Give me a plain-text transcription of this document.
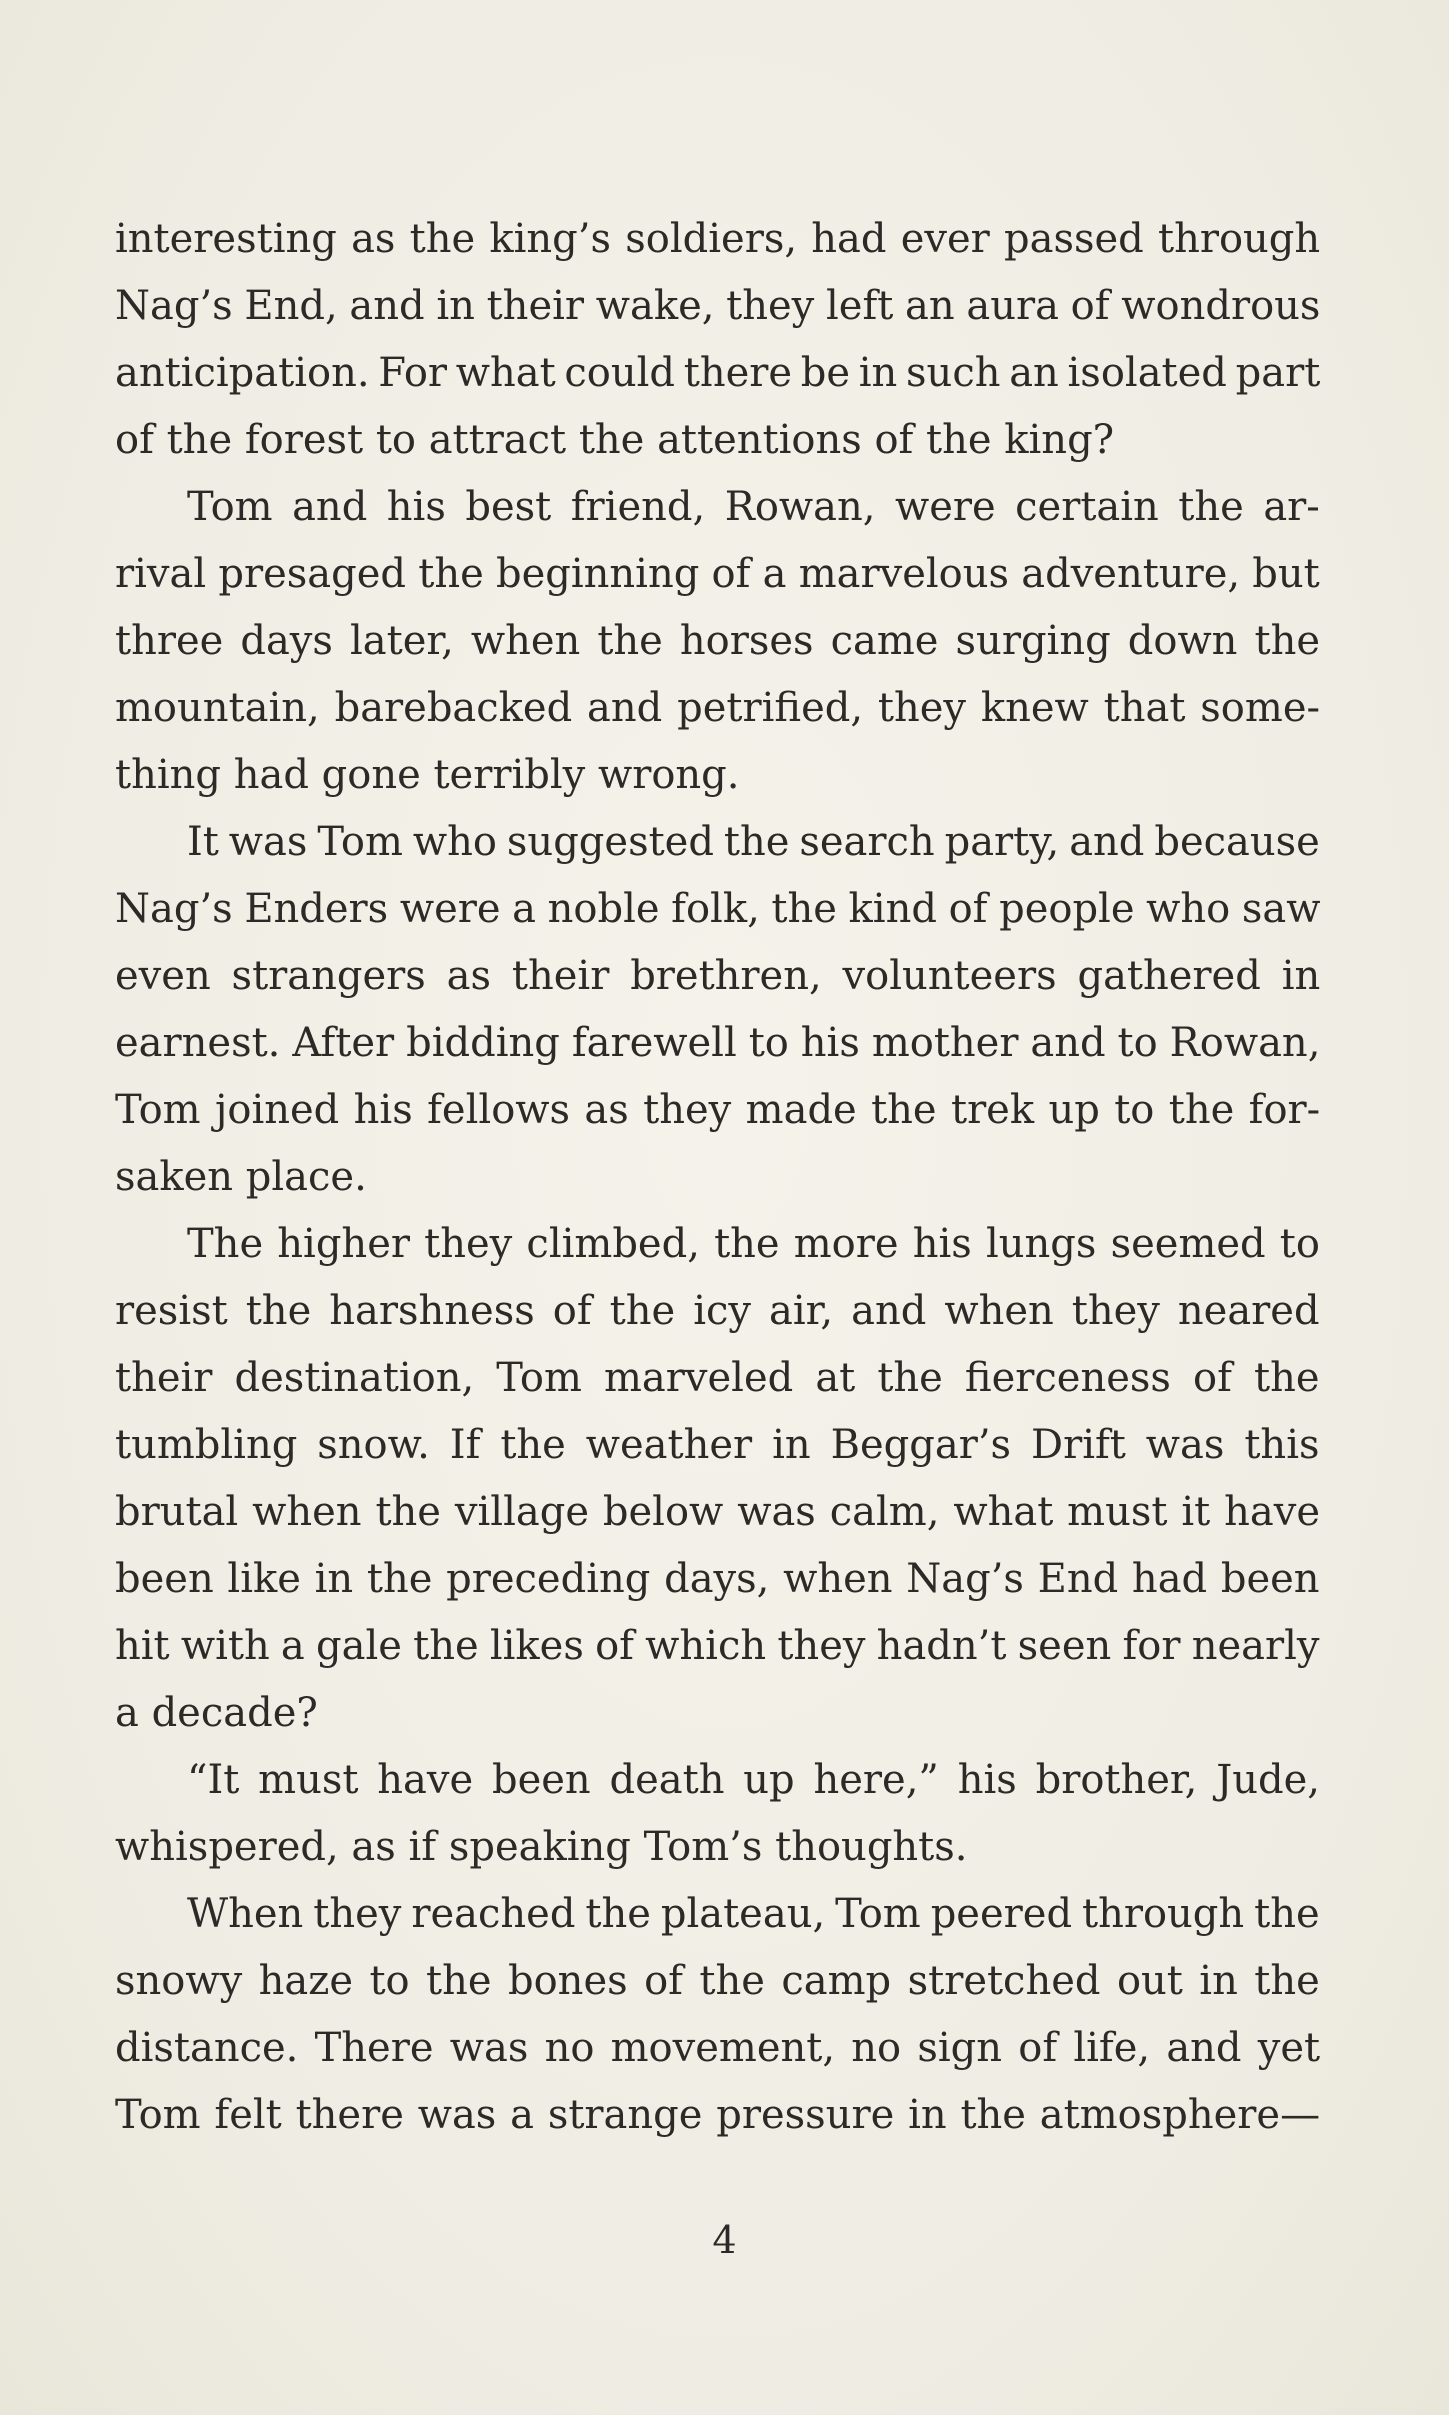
interesting as the king’s soldiers, had ever passed through
Nag’s End, and in their wake, they left an aura of wondrous
anticipation. For what could there be in such an isolated part
of the forest to attract the attentions of the king?
Tom and his best friend, Rowan, were certain the ar-
rival presaged the beginning of a marvelous adventure, but
three days later, when the horses came surging down the
mountain, barebacked and petrified, they knew that some-
thing had gone terribly wrong.
It was Tom who suggested the search party, and because
Nag’s Enders were a noble folk, the kind of people who saw
even strangers as their brethren, volunteers gathered in
earnest. After bidding farewell to his mother and to Rowan,
Tom joined his fellows as they made the trek up to the for-
saken place.
The higher they climbed, the more his lungs seemed to
resist the harshness of the icy air, and when they neared
their destination, Tom marveled at the fierceness of the
tumbling snow. If the weather in Beggar’s Drift was this
brutal when the village below was calm, what must it have
been like in the preceding days, when Nag’s End had been
hit with a gale the likes of which they hadn’t seen for nearly
a decade?
“It must have been death up here,” his brother, Jude,
whispered, as if speaking Tom’s thoughts.
When they reached the plateau, Tom peered through the
snowy haze to the bones of the camp stretched out in the
distance. There was no movement, no sign of life, and yet
Tom felt there was a strange pressure in the atmosphere—
4
